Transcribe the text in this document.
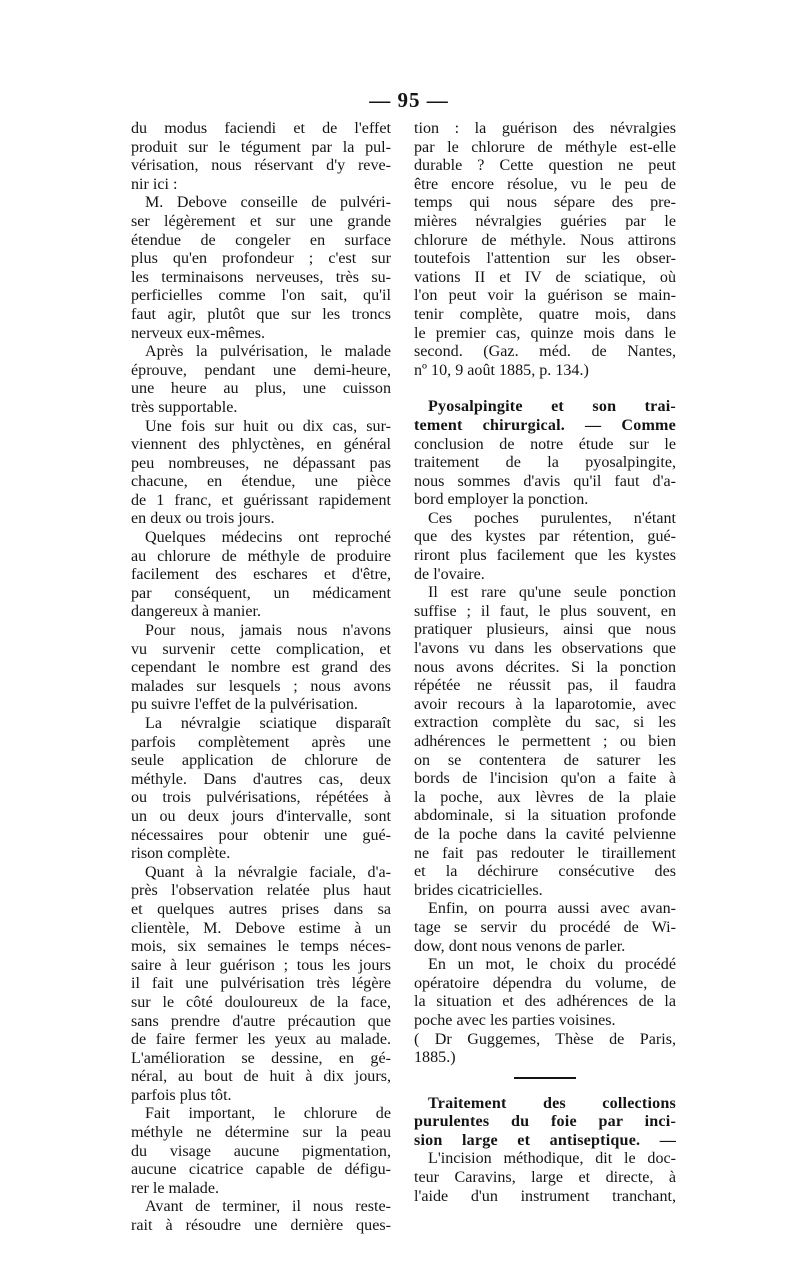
— 95 —
du modus faciendi et de l'effet
produit sur le tégument par la pul-
vérisation, nous réservant d'y reve-
nir ici :
M. Debove conseille de pulvéri-
ser légèrement et sur une grande
étendue de congeler en surface
plus qu'en profondeur ; c'est sur
les terminaisons nerveuses, très su-
perficielles comme l'on sait, qu'il
faut agir, plutôt que sur les troncs
nerveux eux-mêmes.
Après la pulvérisation, le malade
éprouve, pendant une demi-heure,
une heure au plus, une cuisson
très supportable.
Une fois sur huit ou dix cas, sur-
viennent des phlyctènes, en général
peu nombreuses, ne dépassant pas
chacune, en étendue, une pièce
de 1 franc, et guérissant rapidement
en deux ou trois jours.
Quelques médecins ont reproché
au chlorure de méthyle de produire
facilement des eschares et d'être,
par conséquent, un médicament
dangereux à manier.
Pour nous, jamais nous n'avons
vu survenir cette complication, et
cependant le nombre est grand des
malades sur lesquels ; nous avons
pu suivre l'effet de la pulvérisation.
La névralgie sciatique disparaît
parfois complètement après une
seule application de chlorure de
méthyle. Dans d'autres cas, deux
ou trois pulvérisations, répétées à
un ou deux jours d'intervalle, sont
nécessaires pour obtenir une gué-
rison complète.
Quant à la névralgie faciale, d'a-
près l'observation relatée plus haut
et quelques autres prises dans sa
clientèle, M. Debove estime à un
mois, six semaines le temps néces-
saire à leur guérison ; tous les jours
il fait une pulvérisation très légère
sur le côté douloureux de la face,
sans prendre d'autre précaution que
de faire fermer les yeux au malade.
L'amélioration se dessine, en gé-
néral, au bout de huit à dix jours,
parfois plus tôt.
Fait important, le chlorure de
méthyle ne détermine sur la peau
du visage aucune pigmentation,
aucune cicatrice capable de défigu-
rer le malade.
Avant de terminer, il nous reste-
rait à résoudre une dernière ques-
tion : la guérison des névralgies
par le chlorure de méthyle est-elle
durable ? Cette question ne peut
être encore résolue, vu le peu de
temps qui nous sépare des pre-
mières névralgies guéries par le
chlorure de méthyle. Nous attirons
toutefois l'attention sur les obser-
vations II et IV de sciatique, où
l'on peut voir la guérison se main-
tenir complète, quatre mois, dans
le premier cas, quinze mois dans le
second. (Gaz. méd. de Nantes,
nº 10, 9 août 1885, p. 134.)
Pyosalpingite et son trai-
tement chirurgical. — Comme
conclusion de notre étude sur le
traitement de la pyosalpingite,
nous sommes d'avis qu'il faut d'a-
bord employer la ponction.
Ces poches purulentes, n'étant
que des kystes par rétention, gué-
riront plus facilement que les kystes
de l'ovaire.
Il est rare qu'une seule ponction
suffise ; il faut, le plus souvent, en
pratiquer plusieurs, ainsi que nous
l'avons vu dans les observations que
nous avons décrites. Si la ponction
répétée ne réussit pas, il faudra
avoir recours à la laparotomie, avec
extraction complète du sac, si les
adhérences le permettent ; ou bien
on se contentera de saturer les
bords de l'incision qu'on a faite à
la poche, aux lèvres de la plaie
abdominale, si la situation profonde
de la poche dans la cavité pelvienne
ne fait pas redouter le tiraillement
et la déchirure consécutive des
brides cicatricielles.
Enfin, on pourra aussi avec avan-
tage se servir du procédé de Wi-
dow, dont nous venons de parler.
En un mot, le choix du procédé
opératoire dépendra du volume, de
la situation et des adhérences de la
poche avec les parties voisines.
( Dr Guggemes, Thèse de Paris,
1885.)
Traitement des collections
purulentes du foie par inci-
sion large et antiseptique. —
L'incision méthodique, dit le doc-
teur Caravins, large et directe, à
l'aide d'un instrument tranchant,
